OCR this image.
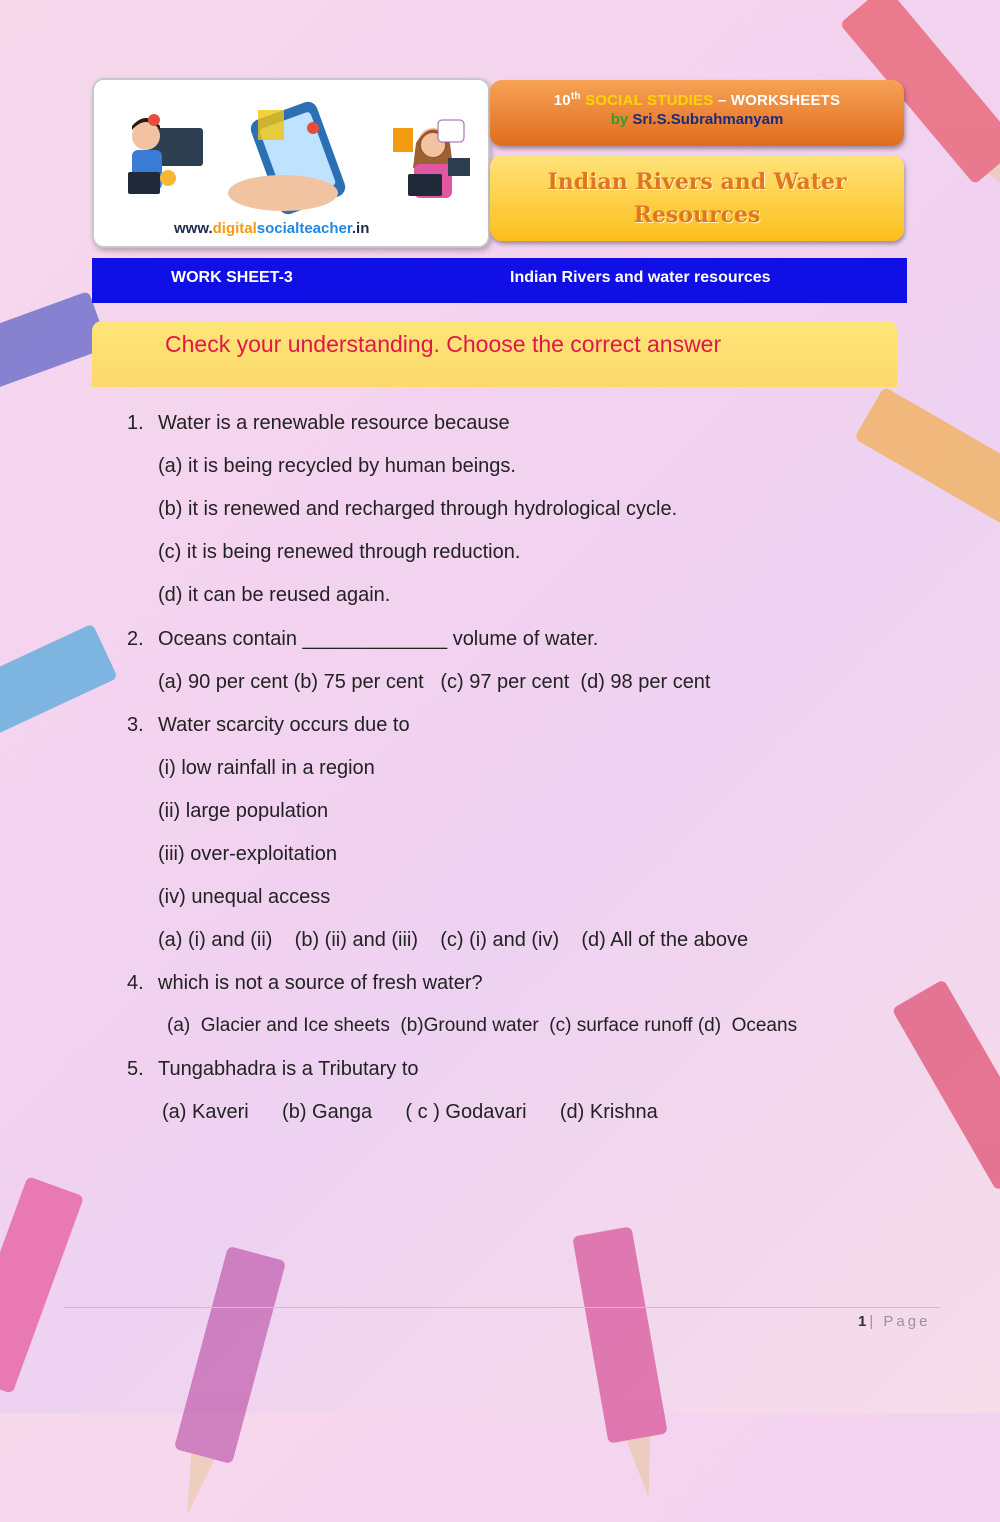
www.digitalsocialteacher.in
10th SOCIAL STUDIES – WORKSHEETS
by Sri.S.Subrahmanyam
Indian Rivers and Water
Resources
WORK SHEET-3	Indian Rivers and water resources
Check your understanding. Choose the correct answer
1. Water is a renewable resource because
(a) it is being recycled by human beings.
(b) it is renewed and recharged through hydrological cycle.
(c) it is being renewed through reduction.
(d) it can be reused again.
2. Oceans contain _____________ volume of water.
(a) 90 per cent (b) 75 per cent   (c) 97 per cent  (d) 98 per cent
3. Water scarcity occurs due to
(i) low rainfall in a region
(ii) large population
(iii) over-exploitation
(iv) unequal access
(a) (i) and (ii)    (b) (ii) and (iii)    (c) (i) and (iv)    (d) All of the above
4. which is not a source of fresh water?
(a)  Glacier and Ice sheets  (b)Ground water  (c) surface runoff (d)  Oceans
5. Tungabhadra is a Tributary to
(a) Kaveri      (b) Ganga      ( c ) Godavari      (d) Krishna
1| Page
